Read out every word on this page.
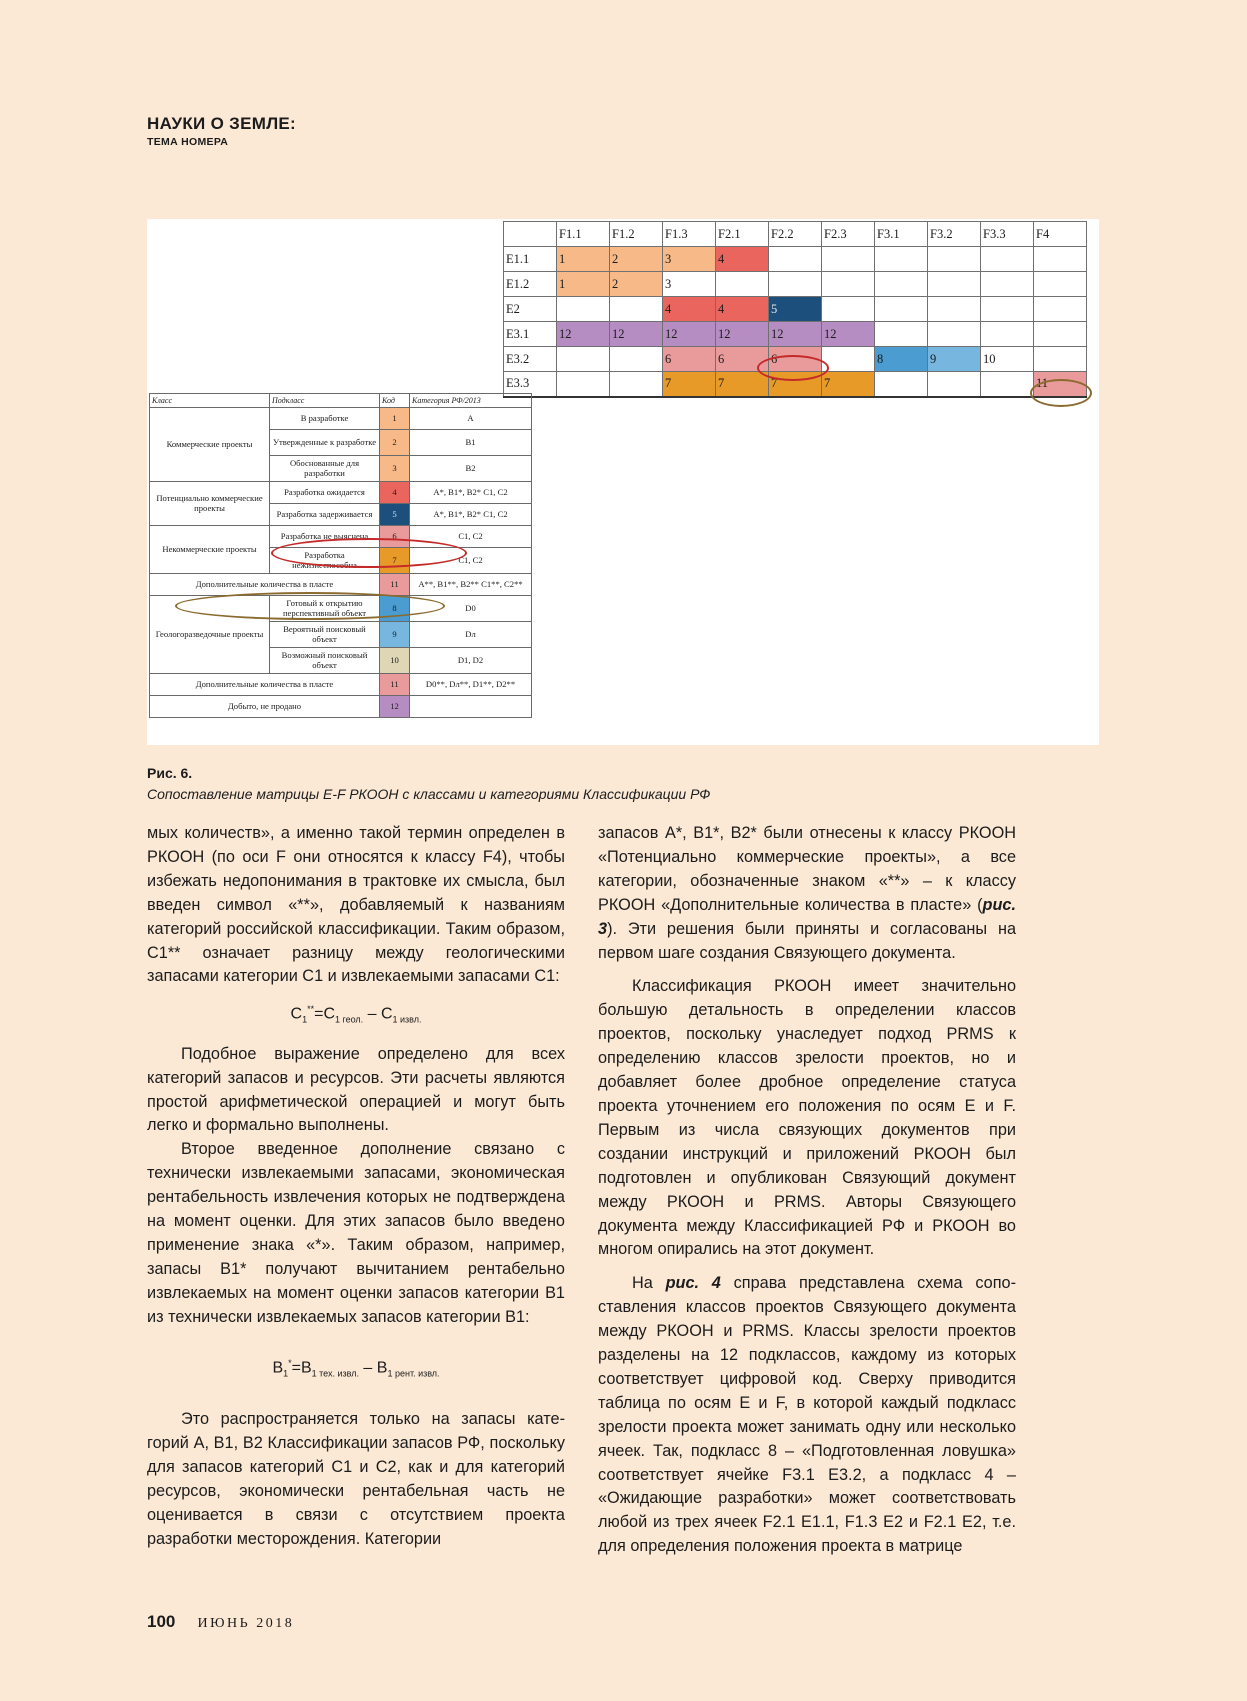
НАУКИ О ЗЕМЛЕ:
ТЕМА НОМЕРА
	F1.1	F1.2	F1.3	F2.1	F2.2	F2.3	F3.1	F3.2	F3.3	F4
E1.1	1	2	3	4						
E1.2	1	2	3							
E2			4	4	5					
E3.1	12	12	12	12	12	12				
E3.2			6	6	6		8	9	10	
E3.3			7	7	7	7				11
Класс	Подкласс	Код	Категория РФ/2013
Коммерческие проекты	В разработке	1	A
	Утвержденные к разработке	2	B1
	Обоснованные для разработки	3	B2
Потенциально коммерческие проекты	Разработка ожидается	4	A*, B1*, B2* C1, C2
	Разработка задерживается	5	A*, B1*, B2* C1, C2
Некоммерческие проекты	Разработка не выяснена	6	C1, C2
	Разработка нежизнеспособна	7	C1, C2
Дополнительные количества в пласте		11	A**, B1**, B2** C1**, C2**
Геологоразведочные проекты	Готовый к открытию перспективный объект	8	D0
	Вероятный поисковый объект	9	Dл
	Возможный поисковый объект	10	D1, D2
Дополнительные количества в пласте		11	D0**, Dл**, D1**, D2**
Добыто, не продано		12	
Рис. 6.
Сопоставление матрицы E-F РКООН с классами и категориями Классификации РФ

мых количеств», а именно такой термин определен в РКООН (по оси F они относятся к классу F4), чтобы избежать недопонимания в трактовке их смысла, был введен символ «**», добавляемый к названиям категорий российской классификации. Таким образом, C1** означает разницу между геологическими запасами категории C1 и извлекаемыми запасами C1:

$C_1^{**}=C_{1 геол.} - C_{1 извл.}$

Подобное выражение определено для всех категорий запасов и ресурсов. Эти расчеты являются простой арифметической операцией и могут быть легко и формально выполнены.

Второе введенное дополнение связано с технически извлекаемыми запасами, экономическая рентабельность извлечения которых не подтверждена на момент оценки. Для этих запасов было введено применение знака «*». Таким образом, например, запасы B1* получают вычитанием рентабельно извлекаемых на момент оценки запасов категории B1 из технически извлекаемых запасов категории B1:

$B_1^*=B_{1 тех. извл.} - B_{1 рент. извл.}$

Это распространяется только на запасы категорий A, B1, B2 Классификации запасов РФ, поскольку для запасов категорий C1 и C2, как и для категорий ресурсов, экономически рентабельная часть не оценивается в связи с отсутствием проекта разработки месторождения. Категории

запасов A*, B1*, B2* были отнесены к классу РКООН «Потенциально коммерческие проекты», а все категории, обозначенные знаком «**» – к классу РКООН «Дополнительные количества в пласте» (рис. 3). Эти решения были приняты и согласованы на первом шаге создания Связующего документа.

Классификация РКООН имеет значительно большую детальность в определении классов проектов, поскольку унаследует подход PRMS к определению классов зрелости проектов, но и добавляет более дробное определение статуса проекта уточнением его положения по осям E и F. Первым из числа связующих документов при создании инструкций и приложений РКООН был подготовлен и опубликован Связующий документ между РКООН и PRMS. Авторы Связующего документа между Классификацией РФ и РКООН во многом опирались на этот документ.

На рис. 4 справа представлена схема сопоставления классов проектов Связующего документа между РКООН и PRMS. Классы зрелости проектов разделены на 12 подклассов, каждому из которых соответствует цифровой код. Сверху приводится таблица по осям E и F, в которой каждый подкласс зрелости проекта может занимать одну или несколько ячеек. Так, подкласс 8 – «Подготовленная ловушка» соответствует ячейке F3.1 E3.2, а подкласс 4 – «Ожидающие разработки» может соответствовать любой из трех ячеек F2.1 E1.1, F1.3 E2 и F2.1 E2, т.е. для определения положения проекта в матрице

100 ИЮНЬ 2018
